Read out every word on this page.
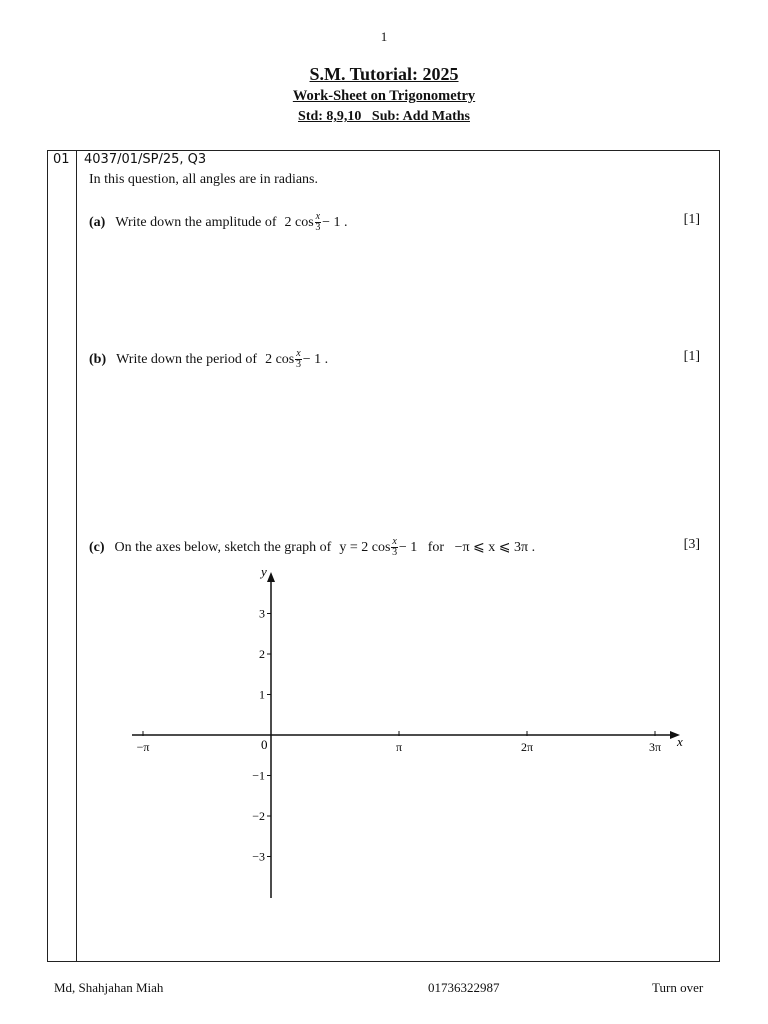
1
S.M. Tutorial: 2025
Work-Sheet on Trigonometry
Std: 8,9,10   Sub: Add Maths
01 4037/01/SP/25, Q3
In this question, all angles are in radians.
(a) Write down the amplitude of 2 $\cos \frac{x}{3} - 1$ .	[1]
(b) Write down the period of 2 $\cos \frac{x}{3} - 1$ .	[1]
(c) On the axes below, sketch the graph of y = 2 $\cos \frac{x}{3} - 1$   for   −π ⩽ x ⩽ 3π .	[3]
x
y
0
−π	π	2π	3π
3
2
1
−1
−2
−3
Md, Shahjahan Miah	01736322987	Turn over
